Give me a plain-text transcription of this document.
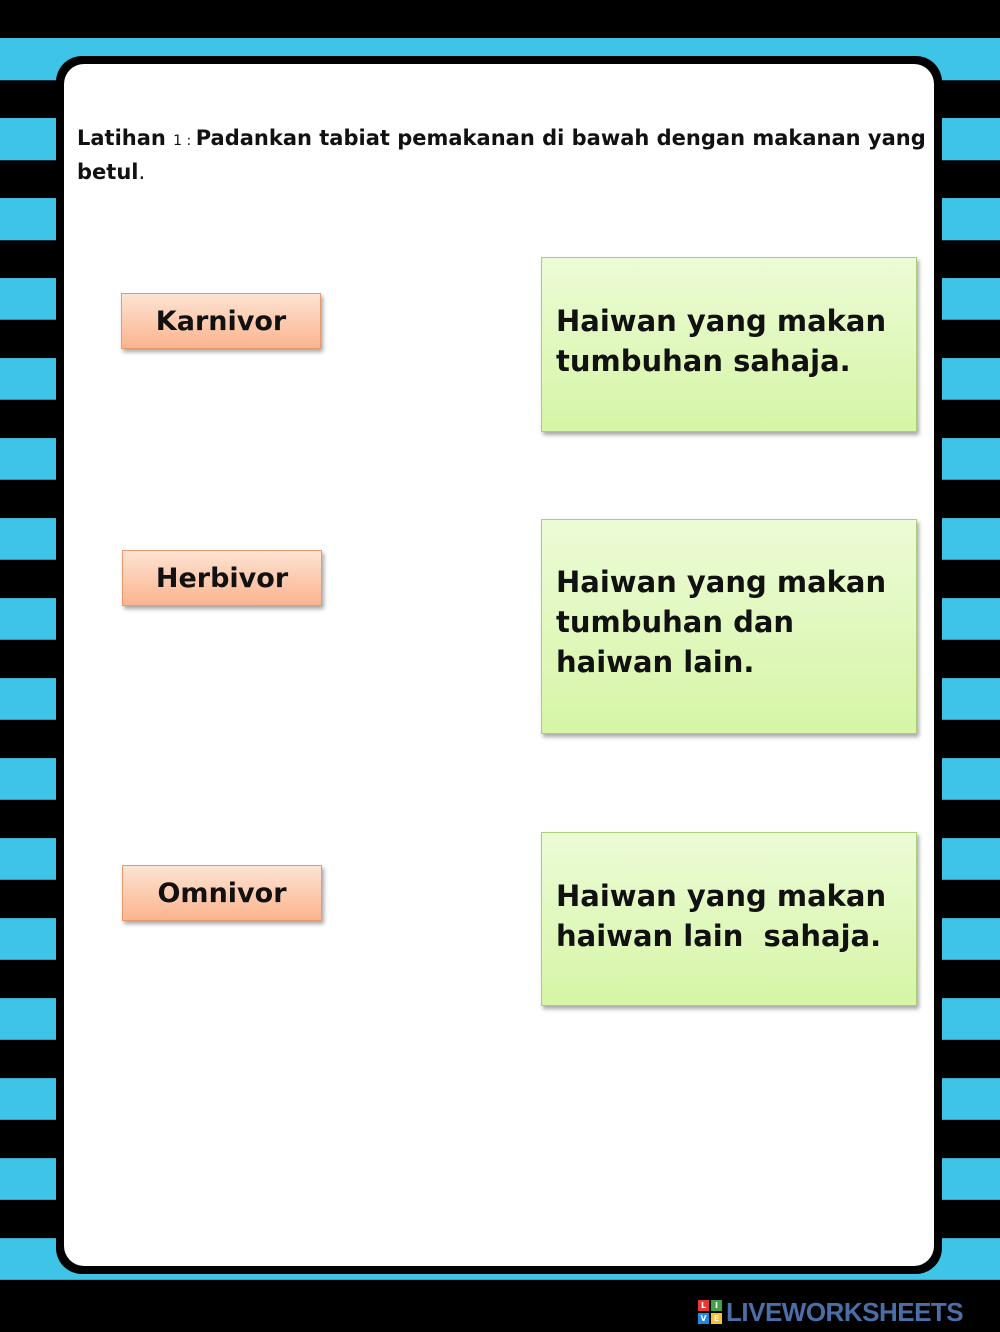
Latihan 1 : Padankan tabiat pemakanan di bawah dengan makanan yang betul.
Karnivor
Herbivor
Omnivor
Haiwan yang makan
tumbuhan sahaja.
Haiwan yang makan
tumbuhan dan
haiwan lain.
Haiwan yang makan
haiwan lain  sahaja.
L	I
V E LIVEWORKSHEETS
